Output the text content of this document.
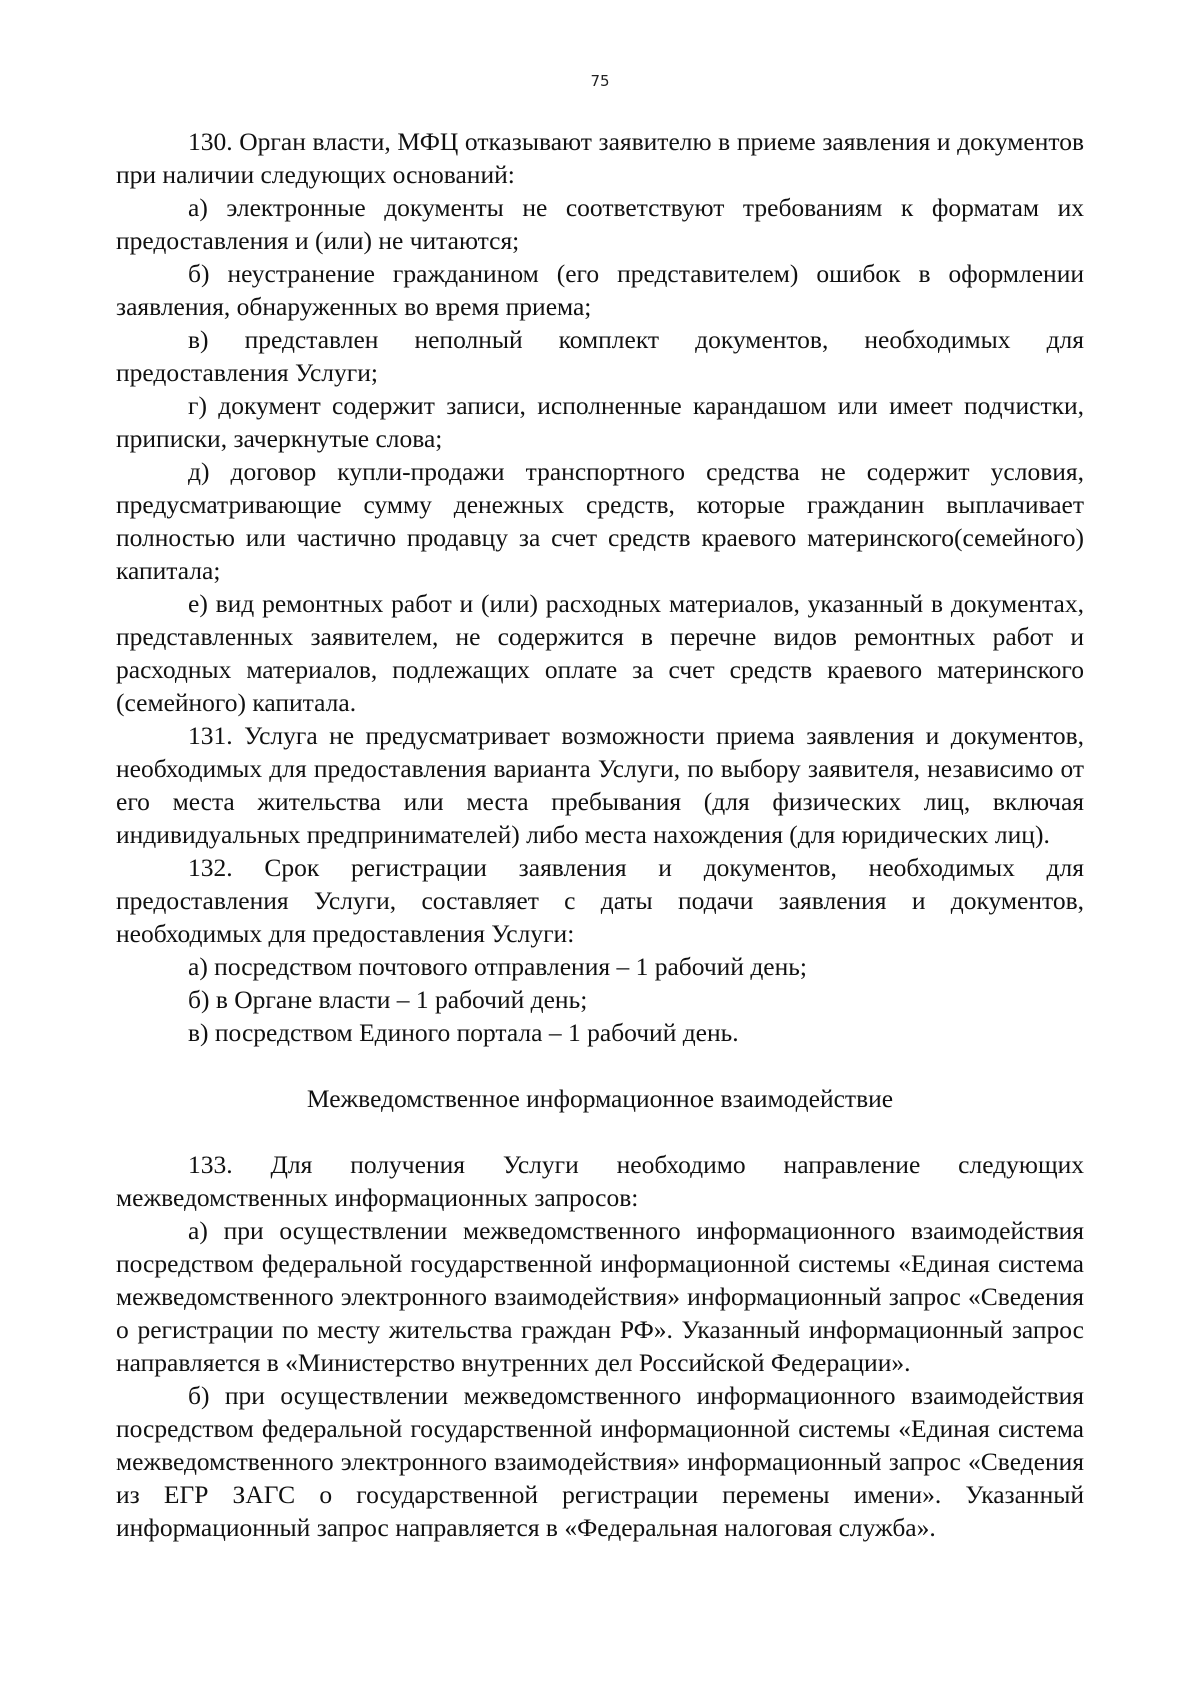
75

130. Орган власти, МФЦ отказывают заявителю в приеме заявления и документов при наличии следующих оснований:

а) электронные документы не соответствуют требованиям к форматам их предоставления и (или) не читаются;

б) неустранение гражданином (его представителем) ошибок в оформлении заявления, обнаруженных во время приема;

в) представлен неполный комплект документов, необходимых для предоставления Услуги;

г) документ содержит записи, исполненные карандашом или имеет подчистки, приписки, зачеркнутые слова;

д) договор купли-продажи транспортного средства не содержит условия, предусматривающие сумму денежных средств, которые гражданин выплачивает полностью или частично продавцу за счет средств краевого материнского(семейного) капитала;

е) вид ремонтных работ и (или) расходных материалов, указанный в документах, представленных заявителем, не содержится в перечне видов ремонтных работ и расходных материалов, подлежащих оплате за счет средств краевого материнского (семейного) капитала.

131. Услуга не предусматривает возможности приема заявления и документов, необходимых для предоставления варианта Услуги, по выбору заявителя, независимо от его места жительства или места пребывания (для физических лиц, включая индивидуальных предпринимателей) либо места нахождения (для юридических лиц).

132. Срок регистрации заявления и документов, необходимых для предоставления Услуги, составляет с даты подачи заявления и документов, необходимых для предоставления Услуги:

а) посредством почтового отправления – 1 рабочий день;

б) в Органе власти – 1 рабочий день;

в) посредством Единого портала – 1 рабочий день.

Межведомственное информационное взаимодействие

133. Для получения Услуги необходимо направление следующих межведомственных информационных запросов:

а) при осуществлении межведомственного информационного взаимодействия посредством федеральной государственной информационной системы «Единая система межведомственного электронного взаимодействия» информационный запрос «Сведения о регистрации по месту жительства граждан РФ». Указанный информационный запрос направляется в «Министерство внутренних дел Российской Федерации».

б) при осуществлении межведомственного информационного взаимодействия посредством федеральной государственной информационной системы «Единая система межведомственного электронного взаимодействия» информационный запрос «Сведения из ЕГР ЗАГС о государственной регистрации перемены имени». Указанный информационный запрос направляется в «Федеральная налоговая служба».
